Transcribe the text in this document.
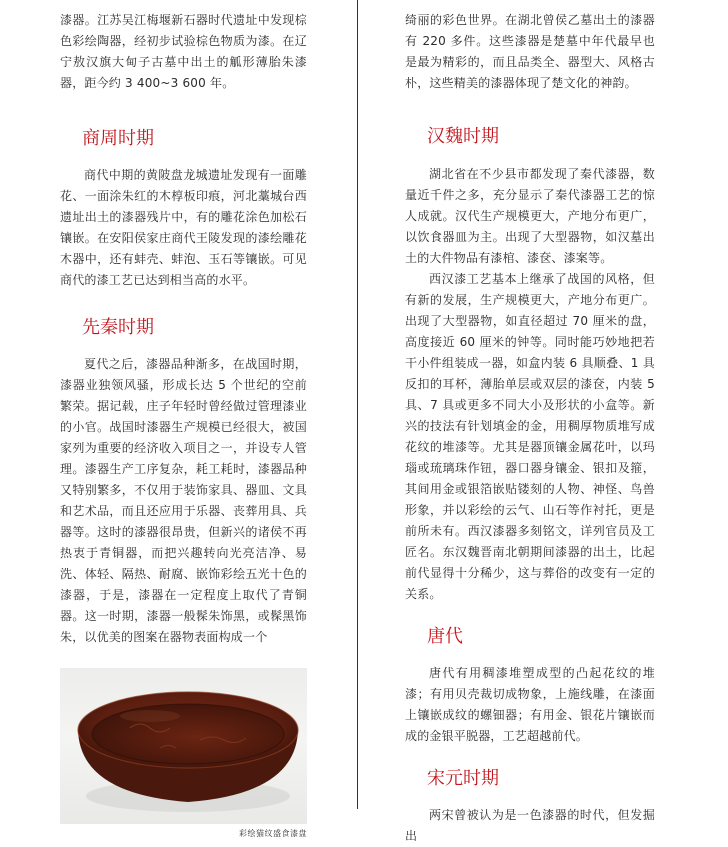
漆器。江苏吴江梅堰新石器时代遗址中发现棕色彩绘陶器，经初步试验棕色物质为漆。在辽宁敖汉旗大甸子古墓中出土的觚形薄胎朱漆器，距今约 3 400~3 600 年。

商周时期

商代中期的黄陂盘龙城遗址发现有一面雕花、一面涂朱红的木椁板印痕，河北藁城台西遗址出土的漆器残片中，有的雕花涂色加松石镶嵌。在安阳侯家庄商代王陵发现的漆绘雕花木器中，还有蚌壳、蚌泡、玉石等镶嵌。可见商代的漆工艺已达到相当高的水平。

先秦时期

夏代之后，漆器品种渐多，在战国时期，漆器业独领风骚，形成长达 5 个世纪的空前繁荣。据记载，庄子年轻时曾经做过管理漆业的小官。战国时漆器生产规模已经很大，被国家列为重要的经济收入项目之一，并设专人管理。漆器生产工序复杂，耗工耗时，漆器品种又特别繁多，不仅用于装饰家具、器皿、文具和艺术品，而且还应用于乐器、丧葬用具、兵器等。这时的漆器很昂贵，但新兴的诸侯不再热衷于青铜器，而把兴趣转向光亮洁净、易洗、体轻、隔热、耐腐、嵌饰彩绘五光十色的漆器，于是，漆器在一定程度上取代了青铜器。这一时期，漆器一般髹朱饰黑，或髹黑饰朱，以优美的图案在器物表面构成一个

彩绘猫纹盛食漆盘

绮丽的彩色世界。在湖北曾侯乙墓出土的漆器有 220 多件。这些漆器是楚墓中年代最早也是最为精彩的，而且品类全、器型大、风格古朴，这些精美的漆器体现了楚文化的神韵。

汉魏时期

湖北省在不少县市都发现了秦代漆器，数量近千件之多，充分显示了秦代漆器工艺的惊人成就。汉代生产规模更大，产地分布更广，以饮食器皿为主。出现了大型器物，如汉墓出土的大件物品有漆棺、漆奁、漆案等。

西汉漆工艺基本上继承了战国的风格，但有新的发展，生产规模更大，产地分布更广。出现了大型器物，如直径超过 70 厘米的盘，高度接近 60 厘米的钟等。同时能巧妙地把若干小件组装成一器，如盒内装 6 具顺叠、1 具反扣的耳杯，薄胎单层或双层的漆奁，内装 5 具、7 具或更多不同大小及形状的小盒等。新兴的技法有针划填金的金，用稠厚物质堆写成花纹的堆漆等。尤其是器顶镶金属花叶，以玛瑙或琉璃珠作钮，器口器身镶金、银扣及箍，其间用金或银箔嵌贴镂刻的人物、神怪、鸟兽形象，并以彩绘的云气、山石等作衬托，更是前所未有。西汉漆器多刻铭文，详列官员及工匠名。东汉魏晋南北朝期间漆器的出土，比起前代显得十分稀少，这与葬俗的改变有一定的关系。

唐代

唐代有用稠漆堆塑成型的凸起花纹的堆漆；有用贝壳裁切成物象，上施线雕，在漆面上镶嵌成纹的螺钿器；有用金、银花片镶嵌而成的金银平脱器，工艺超越前代。

宋元时期

两宋曾被认为是一色漆器的时代，但发掘出
